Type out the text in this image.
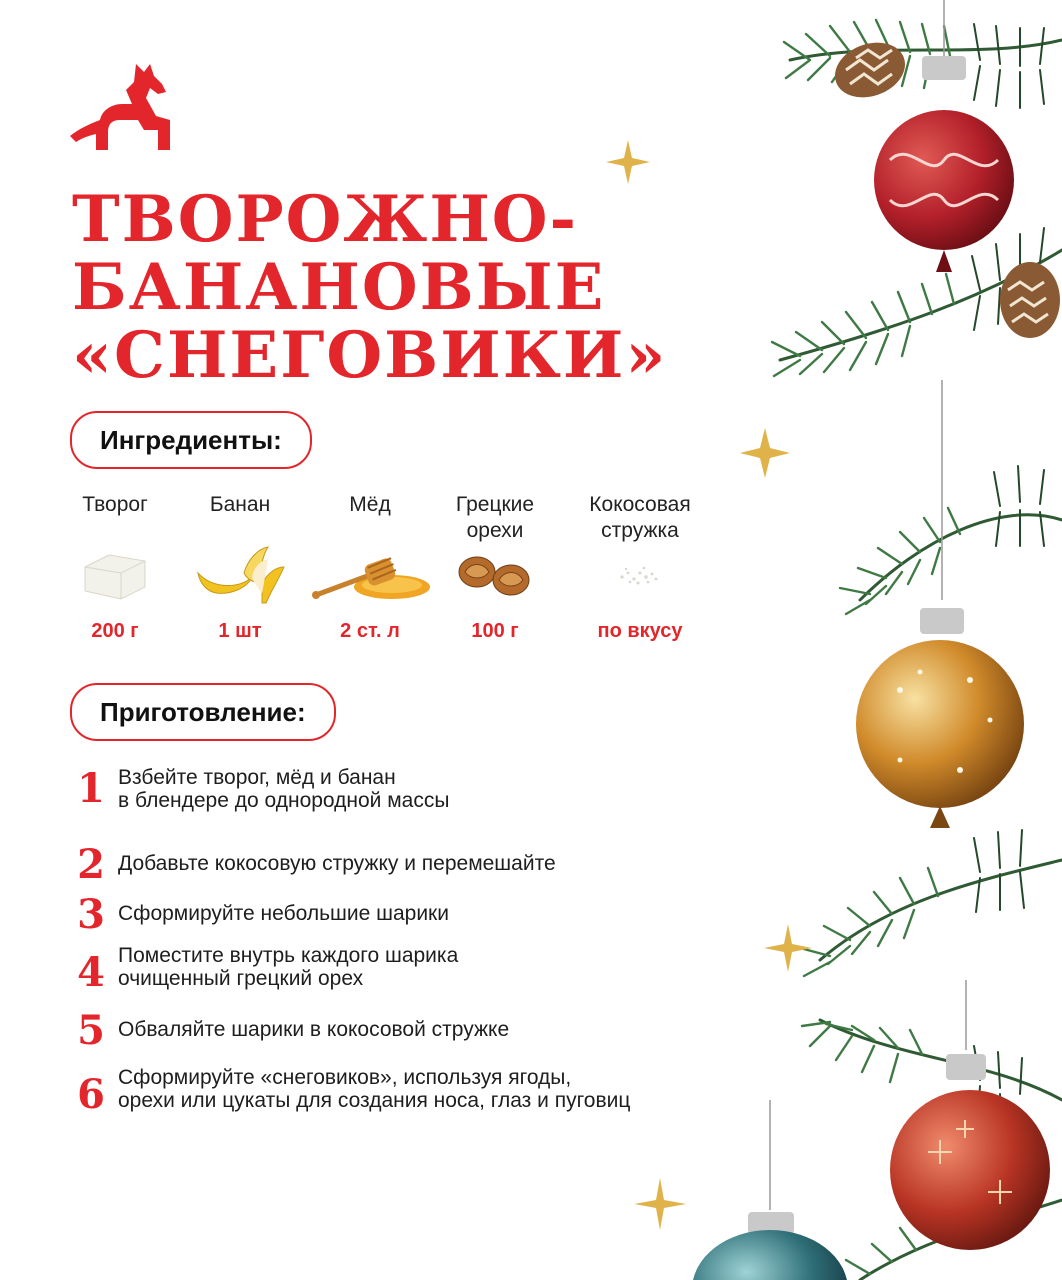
ТВОРОЖНО-
БАНАНОВЫЕ
«СНЕГОВИКИ»
Ингредиенты:
Творог
200 г
Банан
1 шт
Мёд
2 ст. л
Грецкие орехи
100 г
Кокосовая стружка
по вкусу
Приготовление:
1 Взбейте творог, мёд и банан
в блендере до однородной массы
2 Добавьте кокосовую стружку и перемешайте
3 Сформируйте небольшие шарики
4 Поместите внутрь каждого шарика
очищенный грецкий орех
5 Обваляйте шарики в кокосовой стружке
6 Сформируйте «снеговиков», используя ягоды,
орехи или цукаты для создания носа, глаз и пуговиц
